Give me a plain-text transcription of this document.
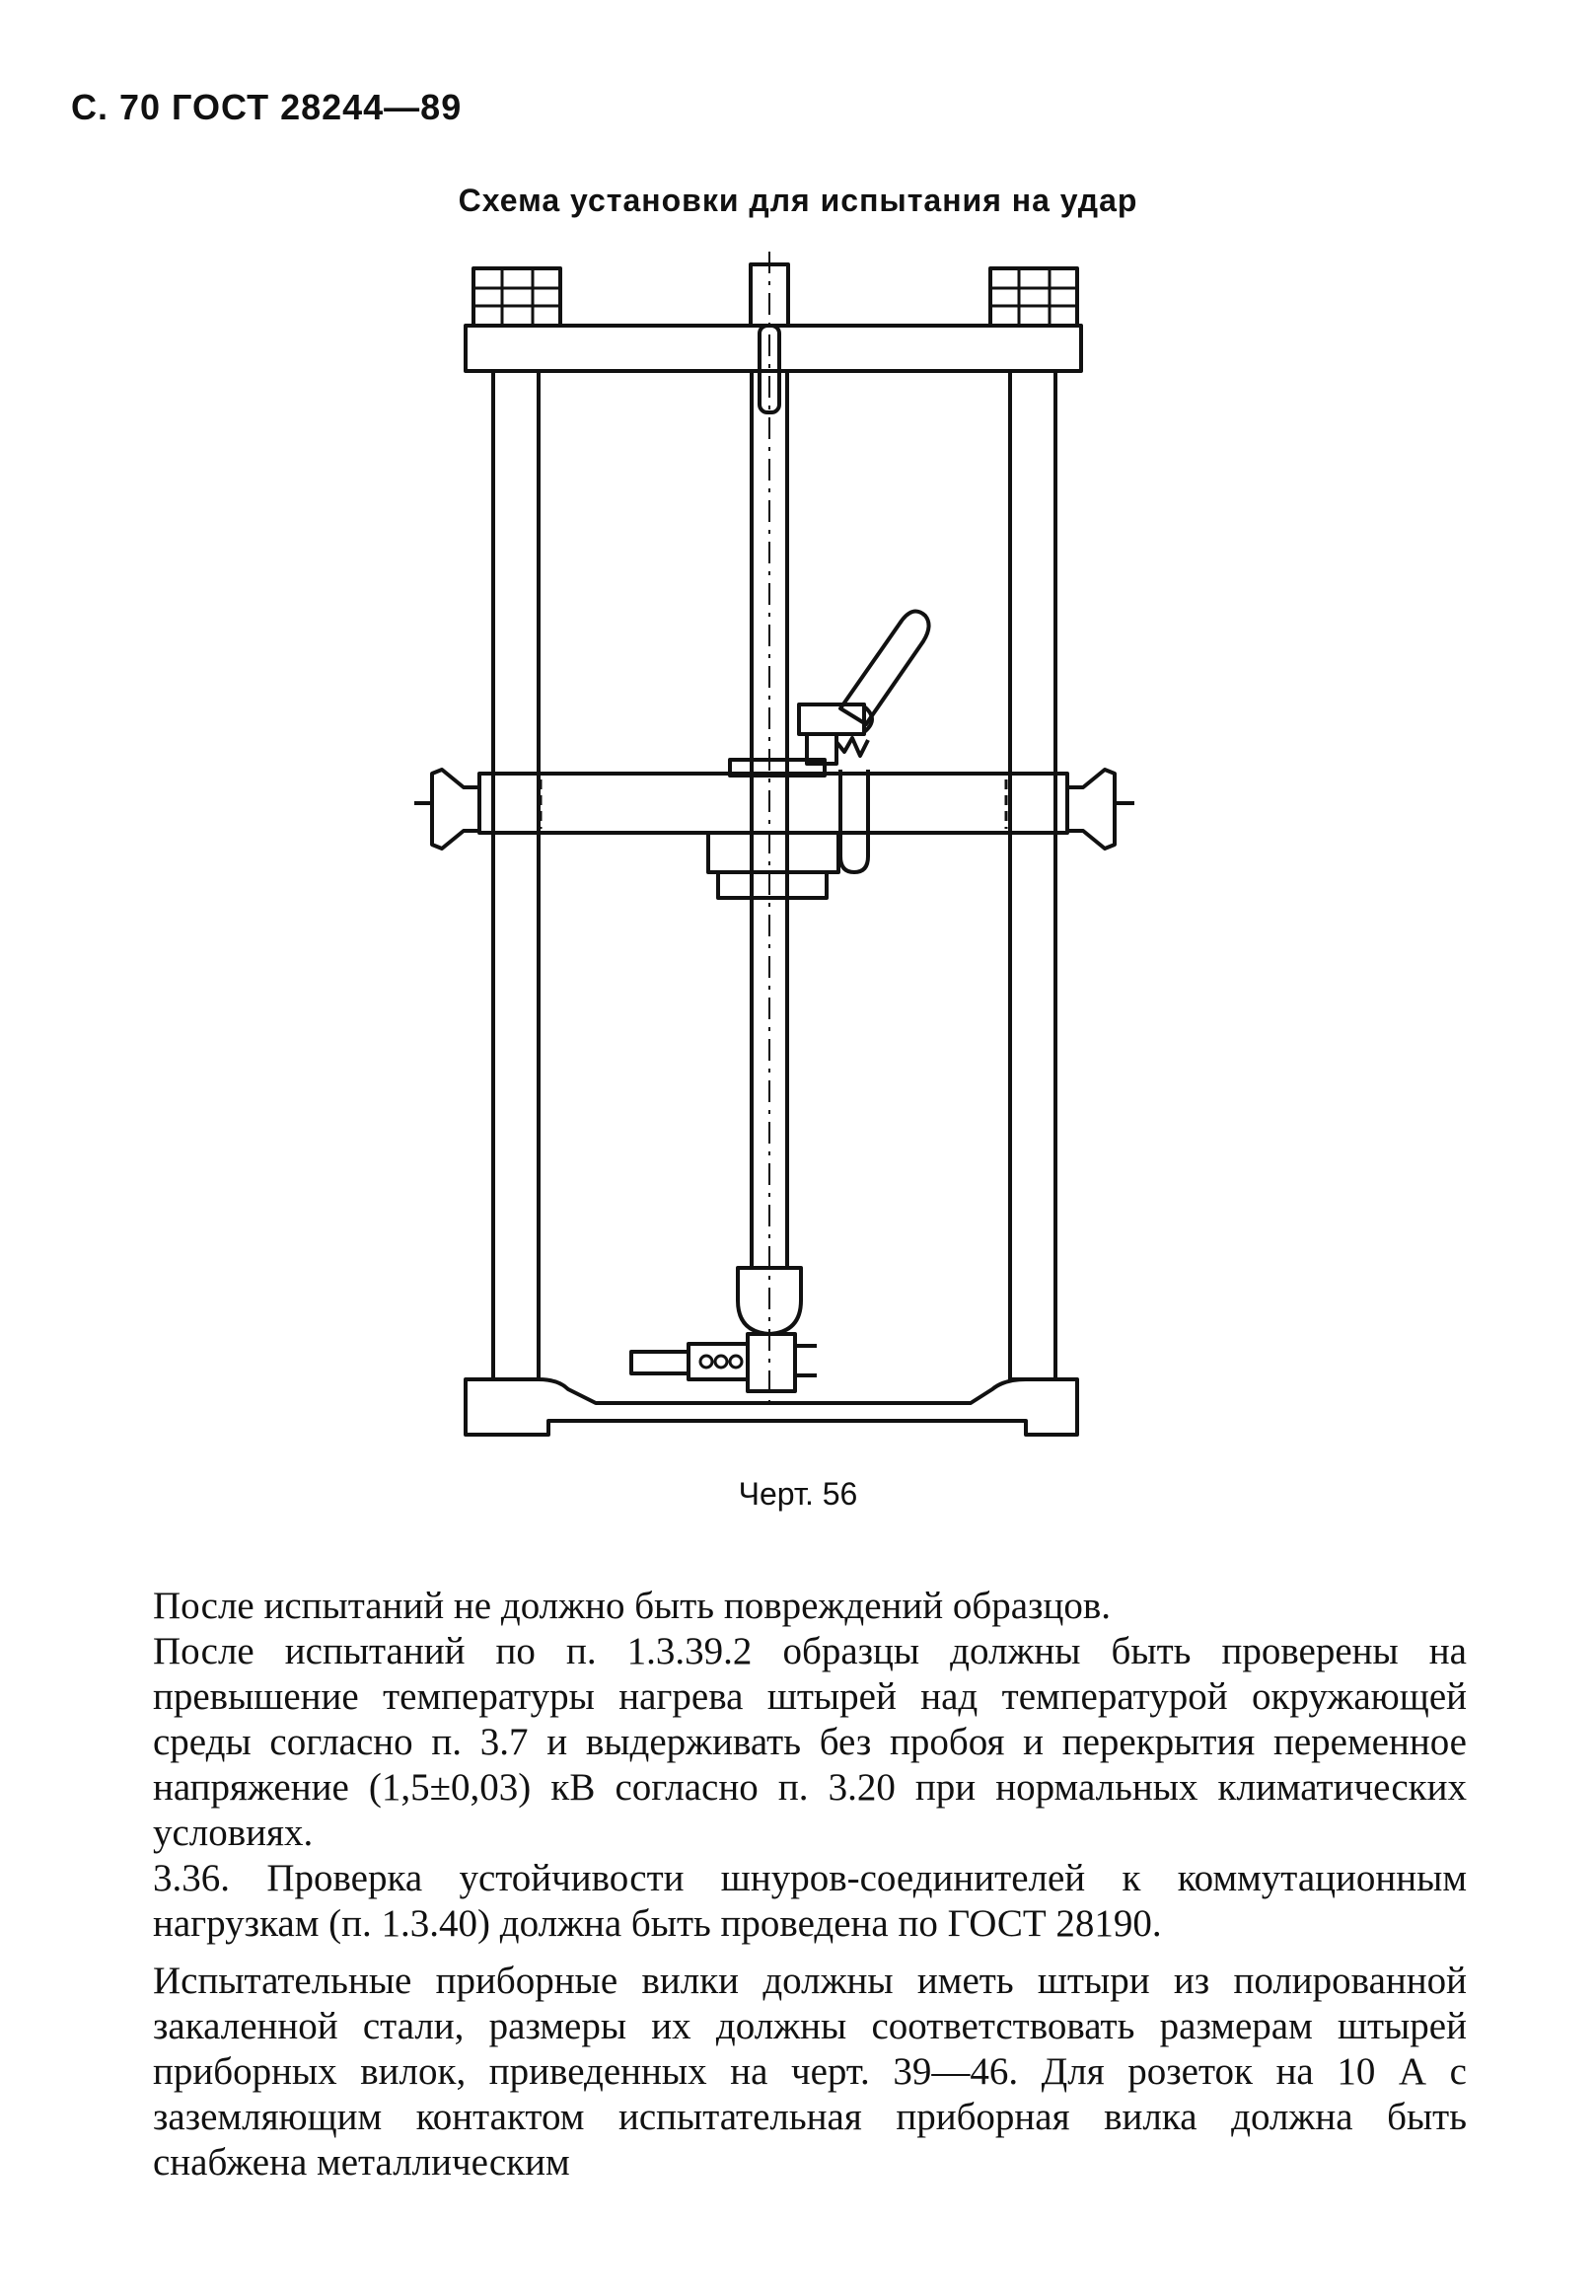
С. 70 ГОСТ 28244—89
Схема установки для испытания на удар
Черт. 56

После испытаний не должно быть повреждений образцов.

После испытаний по п. 1.3.39.2 образцы должны быть проверены на превышение температуры нагрева штырей над температурой окружающей среды согласно п. 3.7 и выдерживать без пробоя и перекрытия переменное напряжение (1,5±0,03) кВ согласно п. 3.20 при нормальных климатических условиях.

3.36. Проверка устойчивости шнуров-соединителей к коммутационным нагрузкам (п. 1.3.40) должна быть проведена по ГОСТ 28190.

Испытательные приборные вилки должны иметь штыри из полированной закаленной стали, размеры их должны соответствовать размерам штырей приборных вилок, приведенных на черт. 39—46. Для розеток на 10 А с заземляющим контактом испытательная приборная вилка должна быть снабжена металлическим
